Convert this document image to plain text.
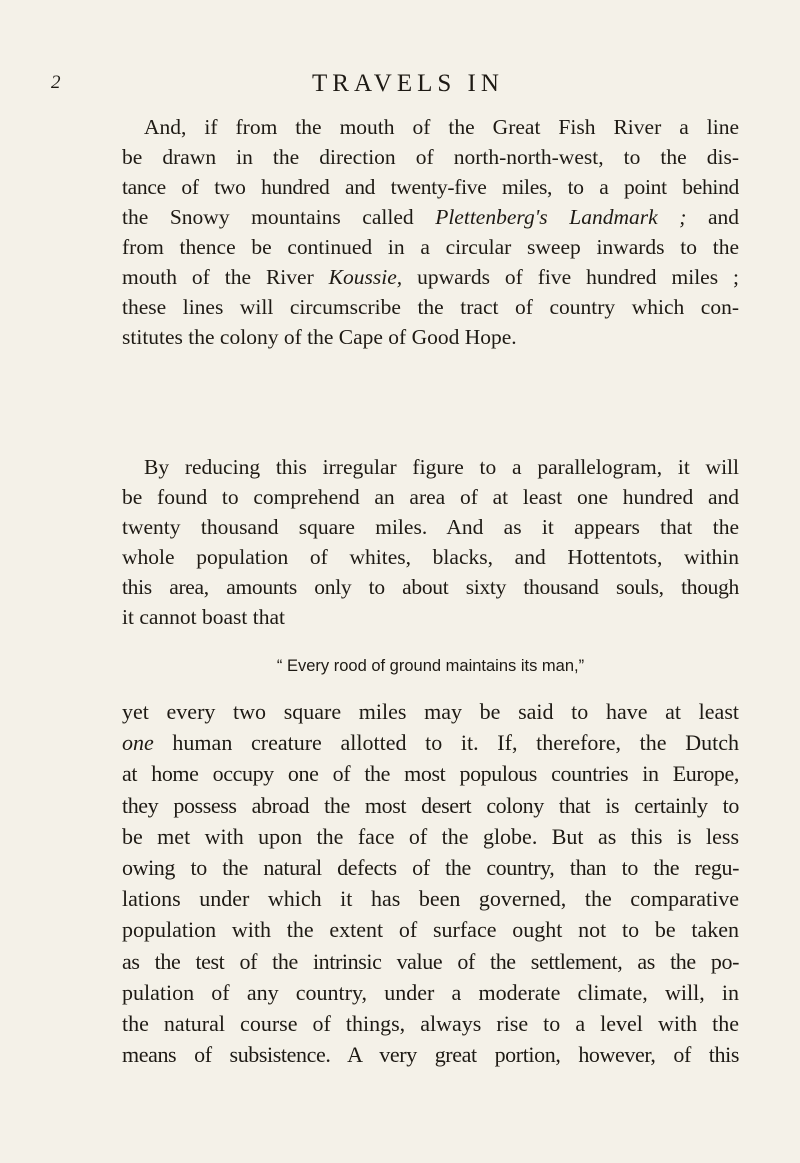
2	TRAVELS IN
And, if from the mouth of the Great Fish River a line
be drawn in the direction of north-north-west, to the dis-
tance of two hundred and twenty-five miles, to a point behind
the Snowy mountains called Plettenberg's Landmark ; and
from thence be continued in a circular sweep inwards to the
mouth of the River Koussie, upwards of five hundred miles ;
these lines will circumscribe the tract of country which con-
stitutes the colony of the Cape of Good Hope.
By reducing this irregular figure to a parallelogram, it will
be found to comprehend an area of at least one hundred and
twenty thousand square miles. And as it appears that the
whole population of whites, blacks, and Hottentots, within
this area, amounts only to about sixty thousand souls, though
it cannot boast that
“ Every rood of ground maintains its man,”
yet every two square miles may be said to have at least
one human creature allotted to it. If, therefore, the Dutch
at home occupy one of the most populous countries in Europe,
they possess abroad the most desert colony that is certainly to
be met with upon the face of the globe. But as this is less
owing to the natural defects of the country, than to the regu-
lations under which it has been governed, the comparative
population with the extent of surface ought not to be taken
as the test of the intrinsic value of the settlement, as the po-
pulation of any country, under a moderate climate, will, in
the natural course of things, always rise to a level with the
means of subsistence. A very great portion, however, of this
